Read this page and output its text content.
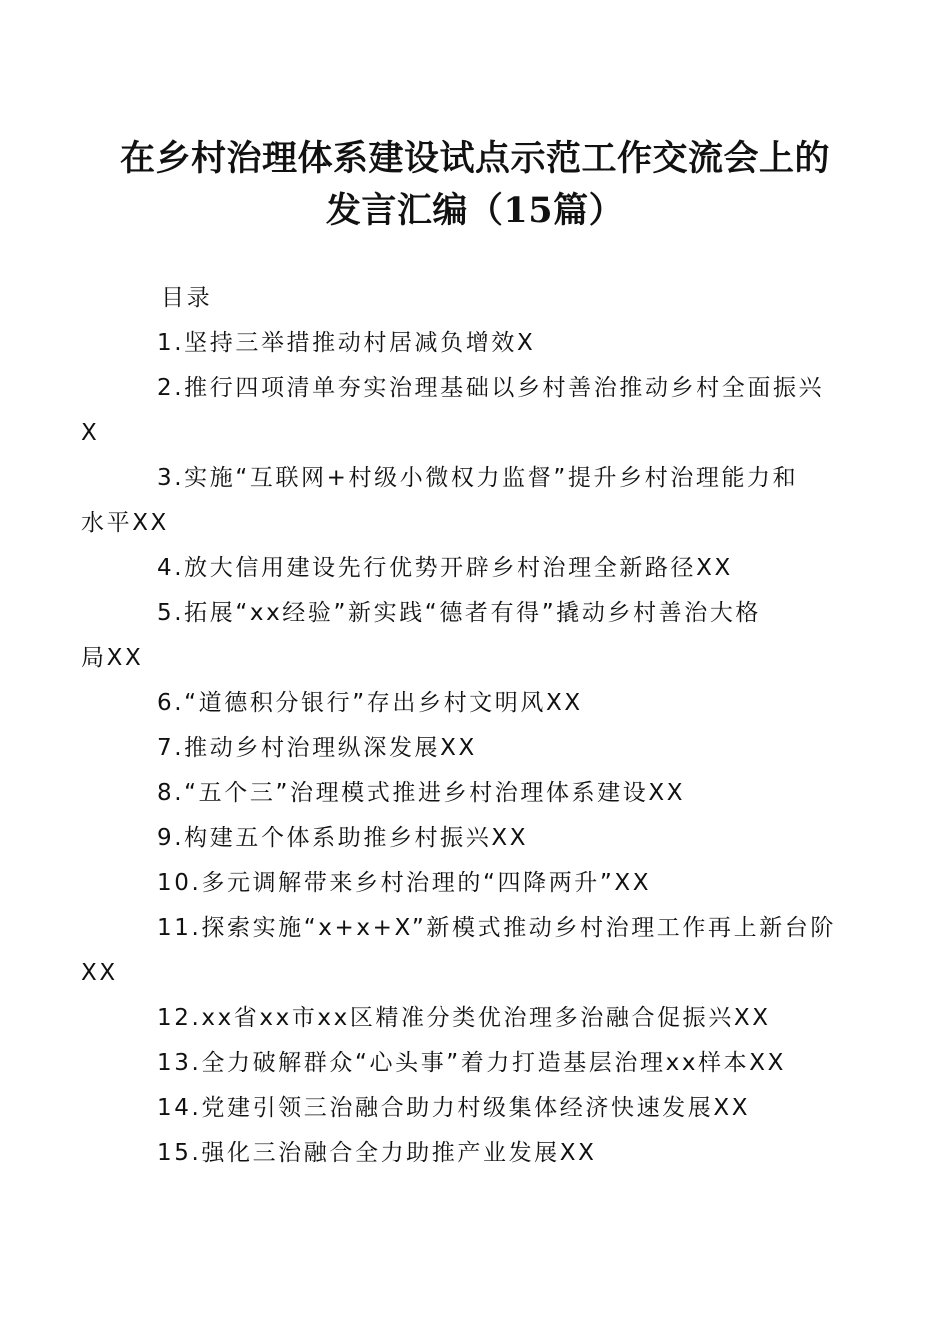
在乡村治理体系建设试点示范工作交流会上的
发言汇编（15篇）
目录
1.坚持三举措推动村居减负增效X
2.推行四项清单夯实治理基础以乡村善治推动乡村全面振兴
X
3.实施“互联网+村级小微权力监督”提升乡村治理能力和
水平XX
4.放大信用建设先行优势开辟乡村治理全新路径XX
5.拓展“xx经验”新实践“德者有得”撬动乡村善治大格
局XX
6.“道德积分银行”存出乡村文明风XX
7.推动乡村治理纵深发展XX
8.“五个三”治理模式推进乡村治理体系建设XX
9.构建五个体系助推乡村振兴XX
10.多元调解带来乡村治理的“四降两升”XX
11.探索实施“x+x+X”新模式推动乡村治理工作再上新台阶
XX
12.xx省xx市xx区精准分类优治理多治融合促振兴XX
13.全力破解群众“心头事”着力打造基层治理xx样本XX
14.党建引领三治融合助力村级集体经济快速发展XX
15.强化三治融合全力助推产业发展XX
